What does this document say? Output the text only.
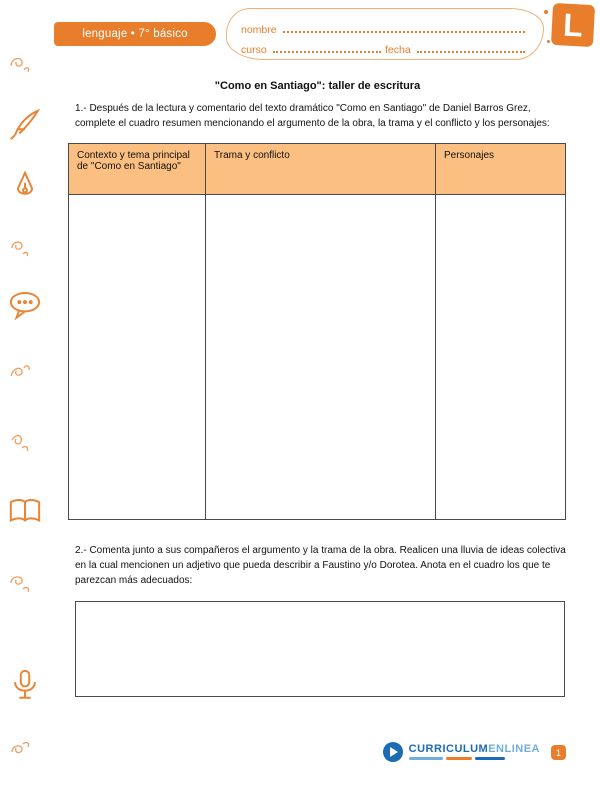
lenguaje • 7° básico	nombre
curso	fecha
L
"Como en Santiago": taller de escritura
1.- Después de la lectura y comentario del texto dramático "Como en Santiago" de Daniel Barros Grez, complete el cuadro resumen mencionando el argumento de la obra, la trama y el conflicto y los personajes:
Contexto y tema principal de "Como en Santiago"	Trama y conflicto	Personajes

2.- Comenta junto a sus compañeros el argumento y la trama de la obra. Realicen una lluvia de ideas colectiva en la cual mencionen un adjetivo que pueda describir a Faustino y/o Dorotea. Anota en el cuadro los que te parezcan más adecuados:
CURRICULUMENLINEA 1
